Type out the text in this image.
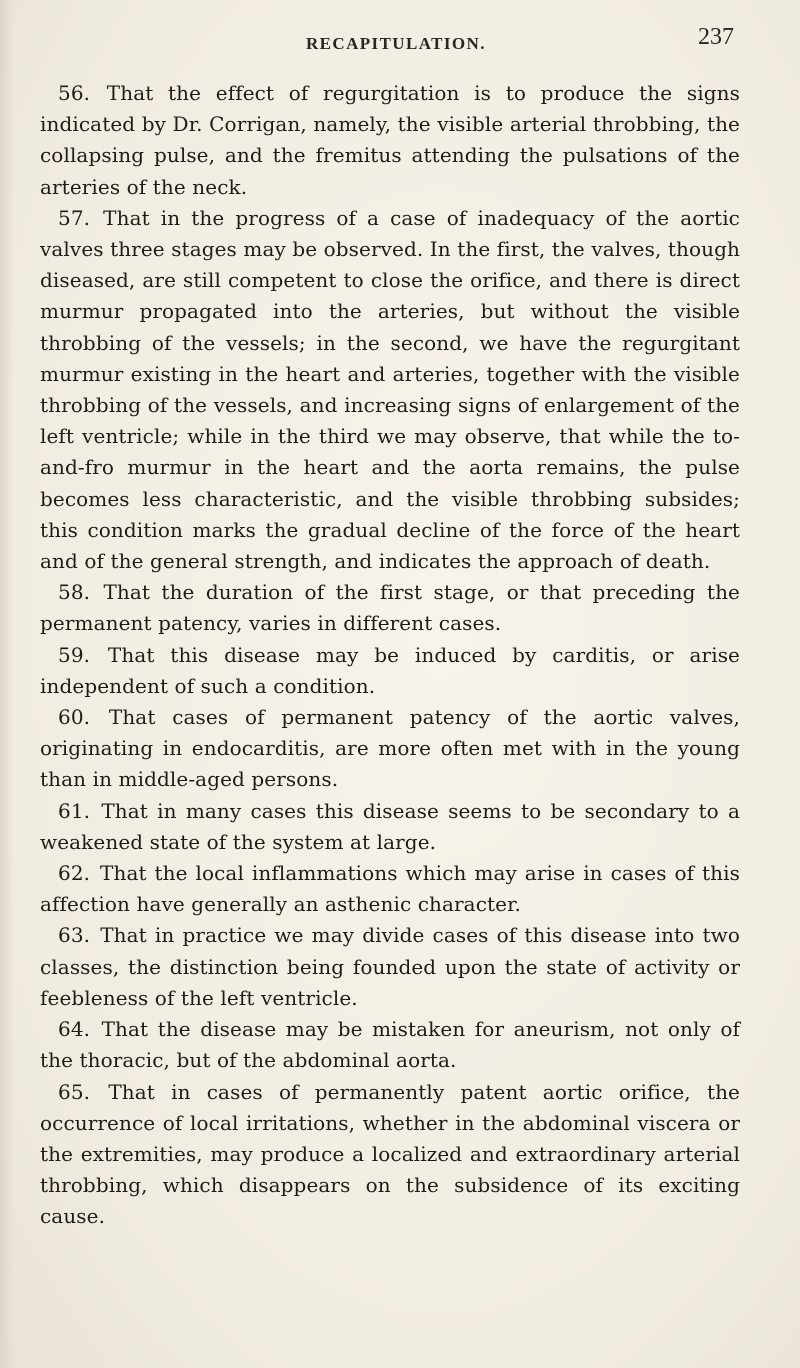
RECAPITULATION.	237

56. That the effect of regurgitation is to produce the signs indicated by Dr. Corrigan, namely, the visible arterial throbbing, the collapsing pulse, and the fremitus attending the pulsations of the arteries of the neck.

57. That in the progress of a case of inadequacy of the aortic valves three stages may be observed. In the first, the valves, though diseased, are still competent to close the orifice, and there is direct murmur propagated into the arteries, but without the visible throbbing of the vessels; in the second, we have the regurgitant murmur existing in the heart and arteries, together with the visible throbbing of the vessels, and increasing signs of enlargement of the left ventricle; while in the third we may observe, that while the to-and-fro murmur in the heart and the aorta remains, the pulse becomes less characteristic, and the visible throbbing subsides; this condition marks the gradual decline of the force of the heart and of the general strength, and indicates the approach of death.

58. That the duration of the first stage, or that preceding the permanent patency, varies in different cases.

59. That this disease may be induced by carditis, or arise independent of such a condition.

60. That cases of permanent patency of the aortic valves, originating in endocarditis, are more often met with in the young than in middle-aged persons.

61. That in many cases this disease seems to be secondary to a weakened state of the system at large.

62. That the local inflammations which may arise in cases of this affection have generally an asthenic character.

63. That in practice we may divide cases of this disease into two classes, the distinction being founded upon the state of activity or feebleness of the left ventricle.

64. That the disease may be mistaken for aneurism, not only of the thoracic, but of the abdominal aorta.

65. That in cases of permanently patent aortic orifice, the occurrence of local irritations, whether in the abdominal viscera or the extremities, may produce a localized and extraordinary arterial throbbing, which disappears on the subsidence of its exciting cause.
